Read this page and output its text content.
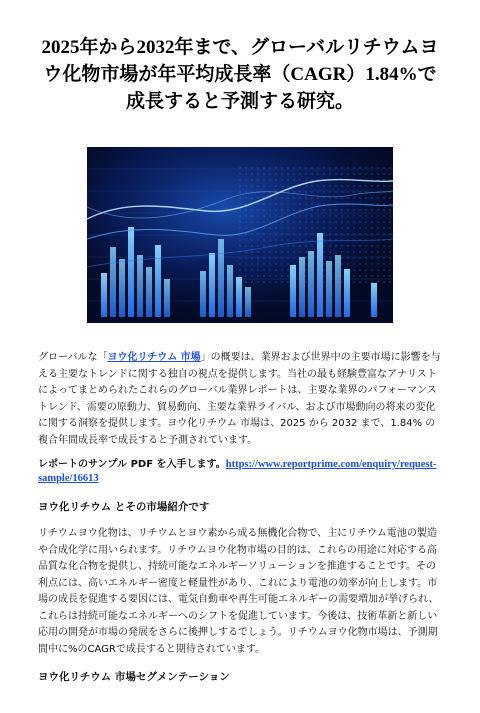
2025年から2032年まで、グローバルリチウムヨウ化物市場が年平均成長率（CAGR）1.84%で成長すると予測する研究。

グローバルな「ヨウ化リチウム 市場」の概要は、業界および世界中の主要市場に影響を与える主要なトレンドに関する独自の視点を提供します。当社の最も経験豊富なアナリストによってまとめられたこれらのグローバル業界レポートは、主要な業界のパフォーマンス トレンド、需要の原動力、貿易動向、主要な業界ライバル、および市場動向の将来の変化に関する洞察を提供します。ヨウ化リチウム 市場は、2025 から 2032 まで、1.84% の複合年間成長率で成長すると予測されています。

レポートのサンプル PDF を入手します。https://www.reportprime.com/enquiry/request-sample/16613

ヨウ化リチウム とその市場紹介です

リチウムヨウ化物は、リチウムとヨウ素から成る無機化合物で、主にリチウム電池の製造や合成化学に用いられます。リチウムヨウ化物市場の目的は、これらの用途に対応する高品質な化合物を提供し、持続可能なエネルギーソリューションを推進することです。その利点には、高いエネルギー密度と軽量性があり、これにより電池の効率が向上します。市場の成長を促進する要因には、電気自動車や再生可能エネルギーの需要増加が挙げられ、これらは持続可能なエネルギーへのシフトを促進しています。今後は、技術革新と新しい応用の開発が市場の発展をさらに後押しするでしょう。リチウムヨウ化物市場は、予測期間中に%のCAGRで成長すると期待されています。

ヨウ化リチウム 市場セグメンテーション
